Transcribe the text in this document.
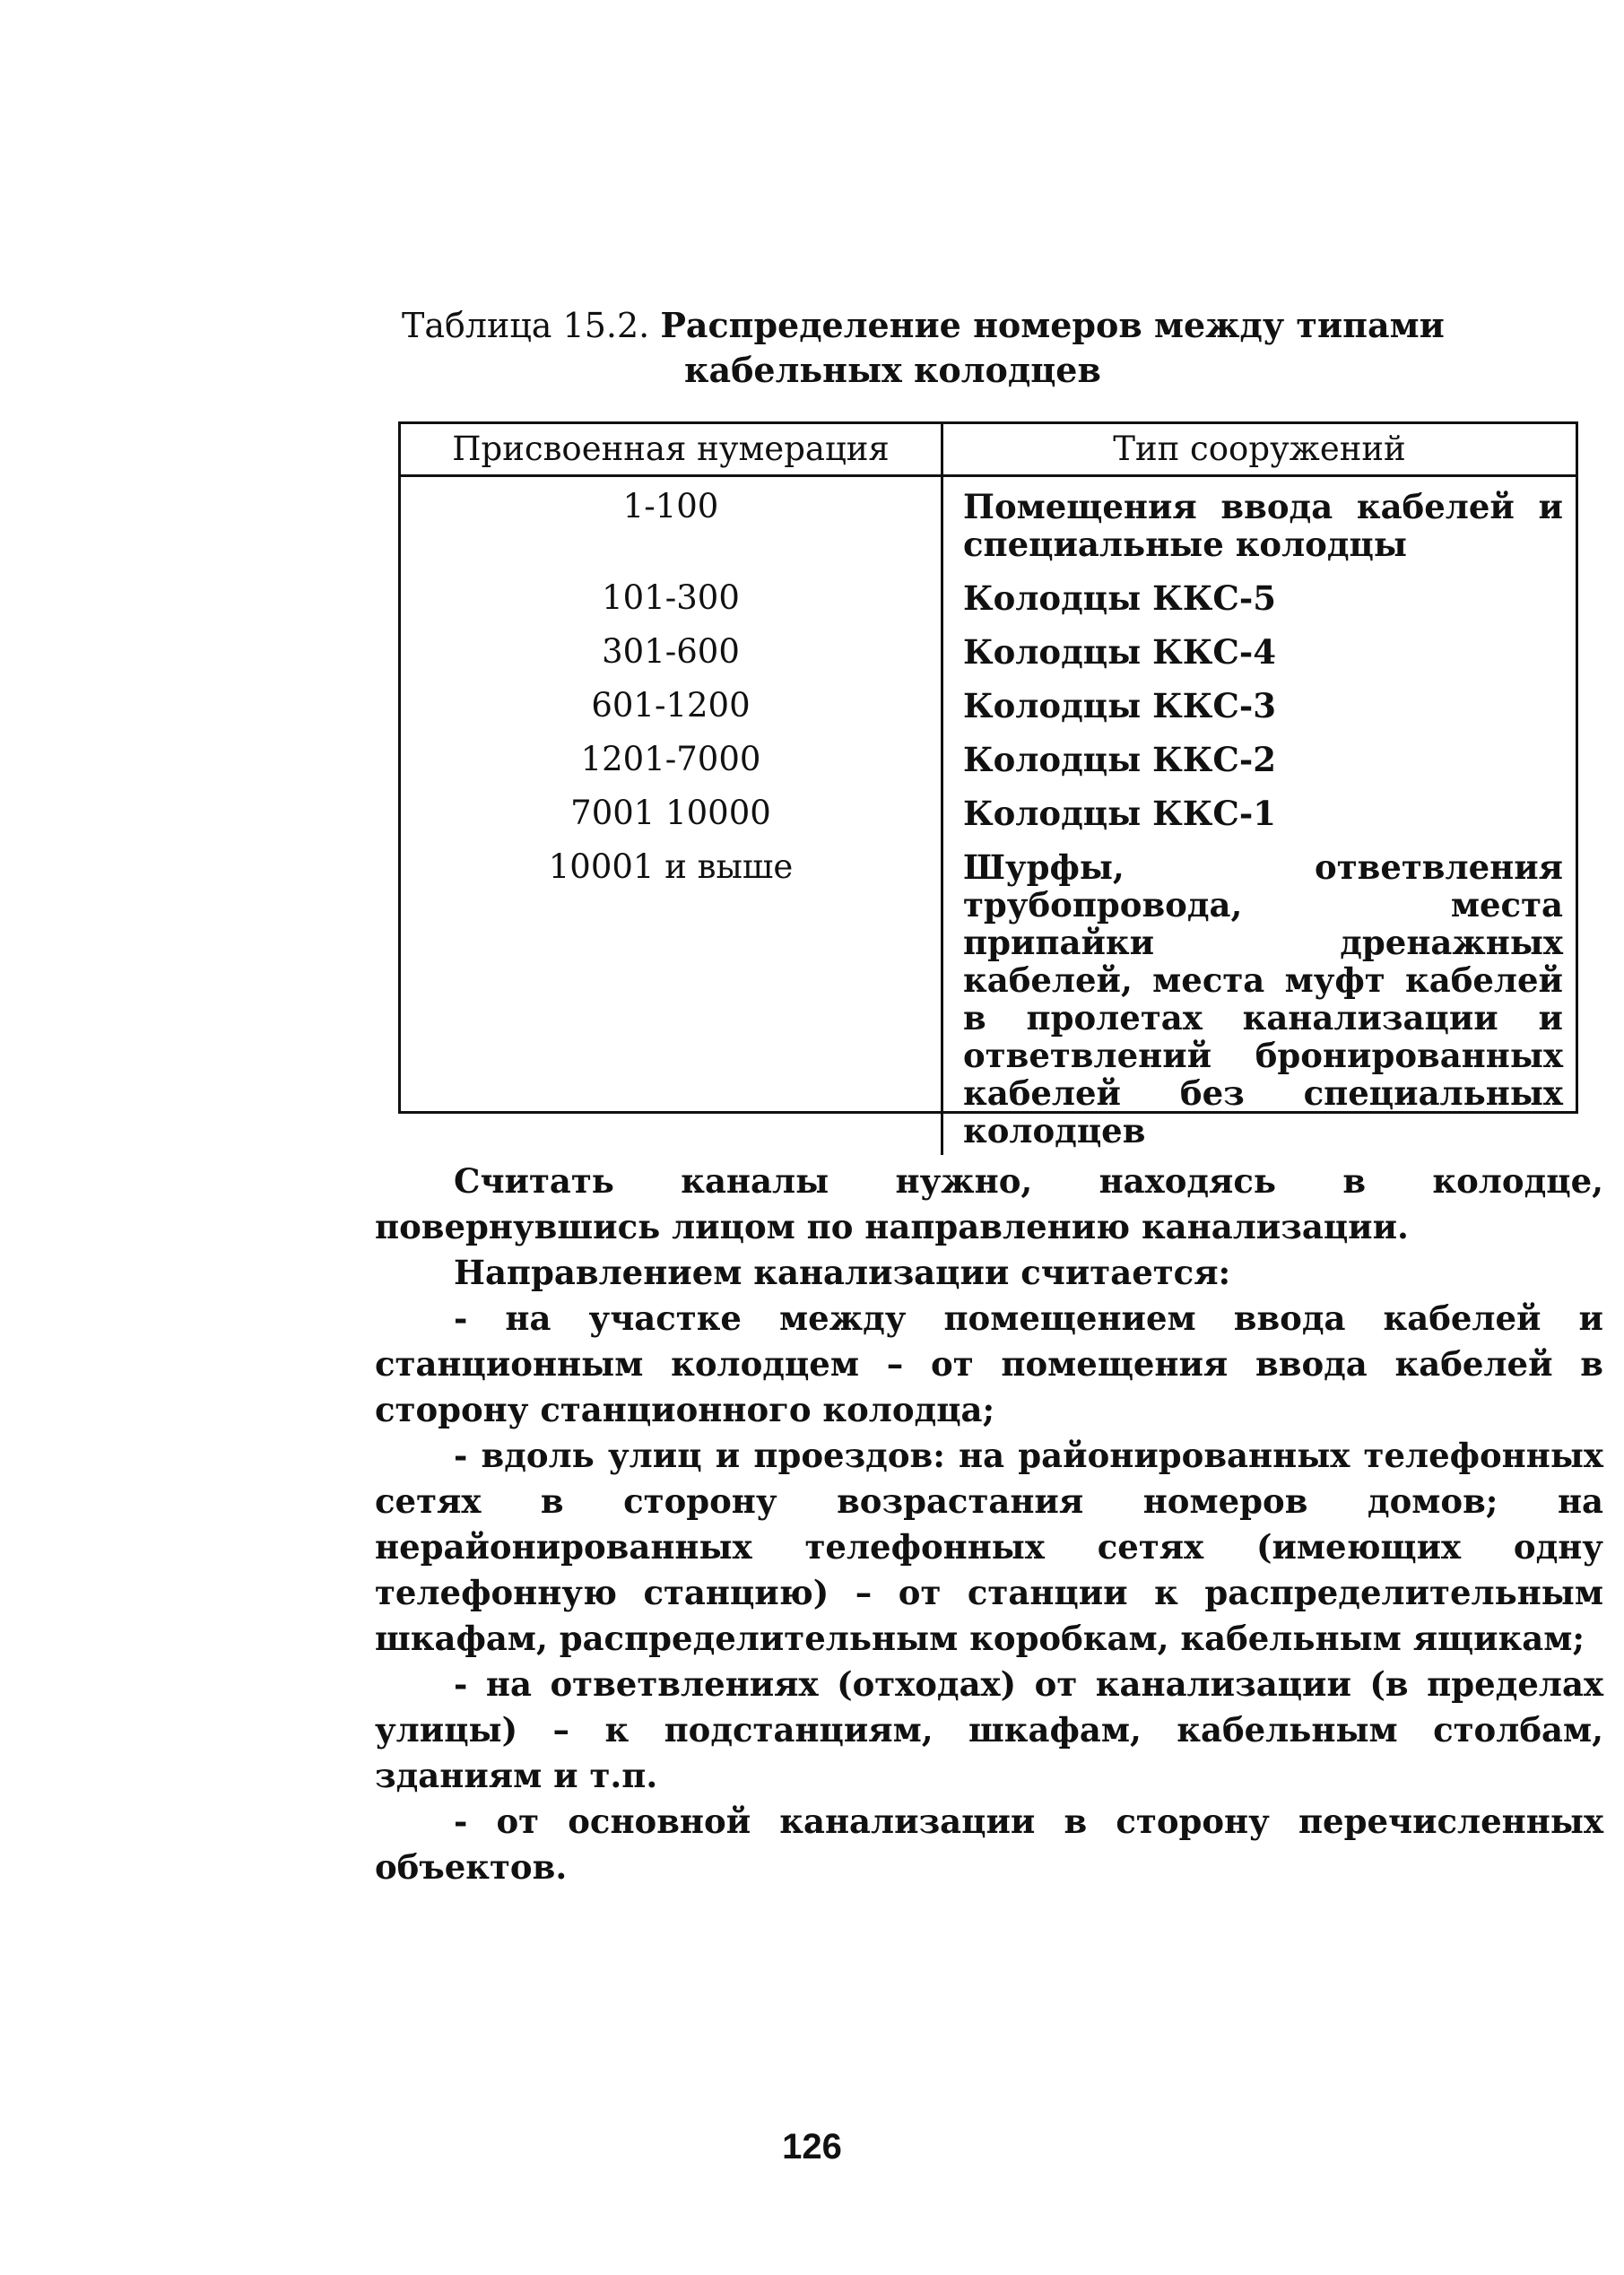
Таблица 15.2. Распределение номеров между типами
кабельных колодцев
Присвоенная нумерация	Тип сооружений
1-100	Помещения ввода кабелей и специальные колодцы
101-300	Колодцы ККС-5
301-600	Колодцы ККС-4
601-1200	Колодцы ККС-3
1201-7000	Колодцы ККС-2
7001 10000	Колодцы ККС-1
10001 и выше	Шурфы, ответвления трубопровода, места припайки дренажных кабелей, места муфт кабелей в пролетах канализации и ответвлений бронированных кабелей без специальных колодцев

Считать каналы нужно, находясь в колодце, повернувшись лицом по направлению канализации.

Направлением канализации считается:

- на участке между помещением ввода кабелей и станционным колодцем – от помещения ввода кабелей в сторону станционного колодца;

- вдоль улиц и проездов: на районированных телефонных сетях в сторону возрастания номеров домов; на нерайонированных телефонных сетях (имеющих одну телефонную станцию) – от станции к распределительным шкафам, распределительным коробкам, кабельным ящикам;

- на ответвлениях (отходах) от канализации (в пределах улицы) – к подстанциям, шкафам, кабельным столбам, зданиям и т.п.

- от основной канализации в сторону перечисленных объектов.

126
